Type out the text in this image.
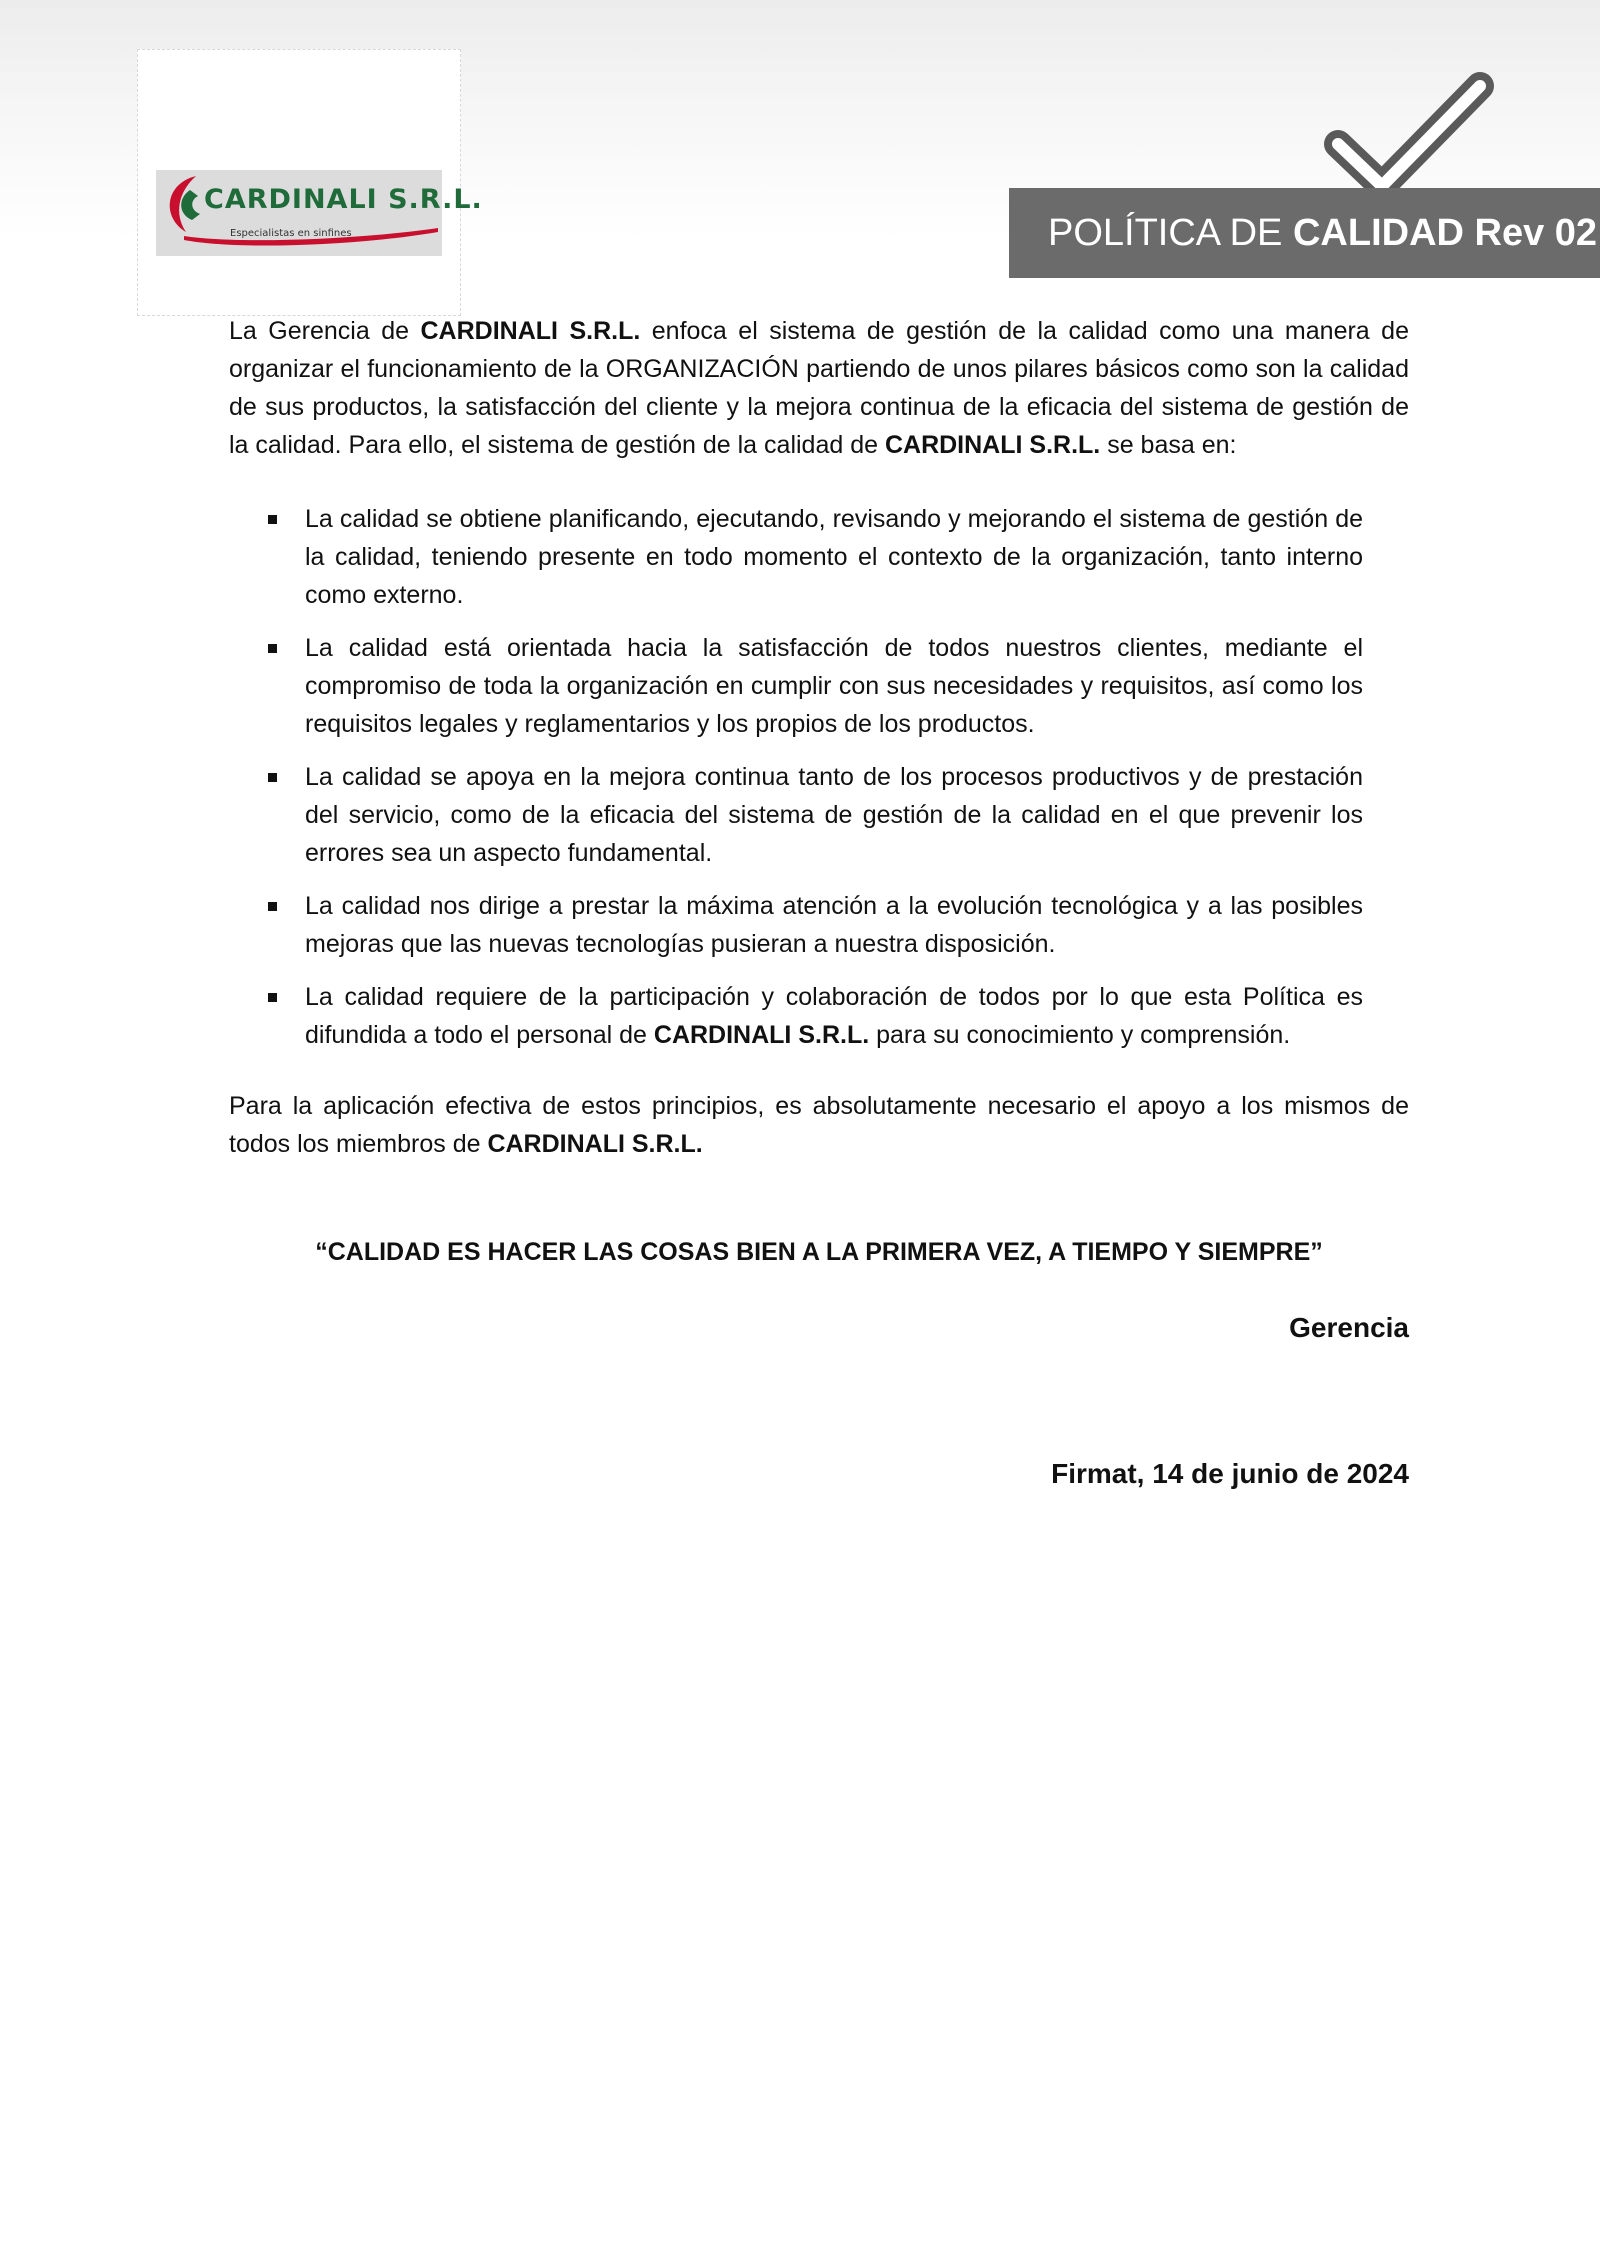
CARDINALI S.R.L.
Especialistas en sinfines	POLÍTICA DE
CALIDAD Rev 02

La Gerencia de CARDINALI S.R.L. enfoca el sistema de gestión de la calidad como una manera de organizar el funcionamiento de la ORGANIZACIÓN partiendo de unos pilares básicos como son la calidad de sus productos, la satisfacción del cliente y la mejora continua de la eficacia del sistema de gestión de la calidad. Para ello, el sistema de gestión de la calidad de CARDINALI S.R.L. se basa en:

La calidad se obtiene planificando, ejecutando, revisando y mejorando el sistema de gestión de la calidad, teniendo presente en todo momento el contexto de la organización, tanto interno como externo.
La calidad está orientada hacia la satisfacción de todos nuestros clientes, mediante el compromiso de toda la organización en cumplir con sus necesidades y requisitos, así como los requisitos legales y reglamentarios y los propios de los productos.
La calidad se apoya en la mejora continua tanto de los procesos productivos y de prestación del servicio, como de la eficacia del sistema de gestión de la calidad en el que prevenir los errores sea un aspecto fundamental.
La calidad nos dirige a prestar la máxima atención a la evolución tecnológica y a las posibles mejoras que las nuevas tecnologías pusieran a nuestra disposición.
La calidad requiere de la participación y colaboración de todos por lo que esta Política es difundida a todo el personal de CARDINALI S.R.L. para su conocimiento y comprensión.

Para la aplicación efectiva de estos principios, es absolutamente necesario el apoyo a los mismos de todos los miembros de CARDINALI S.R.L.

“CALIDAD ES HACER LAS COSAS BIEN A LA PRIMERA VEZ, A TIEMPO Y SIEMPRE”

Gerencia

Firmat, 14 de junio de 2024
